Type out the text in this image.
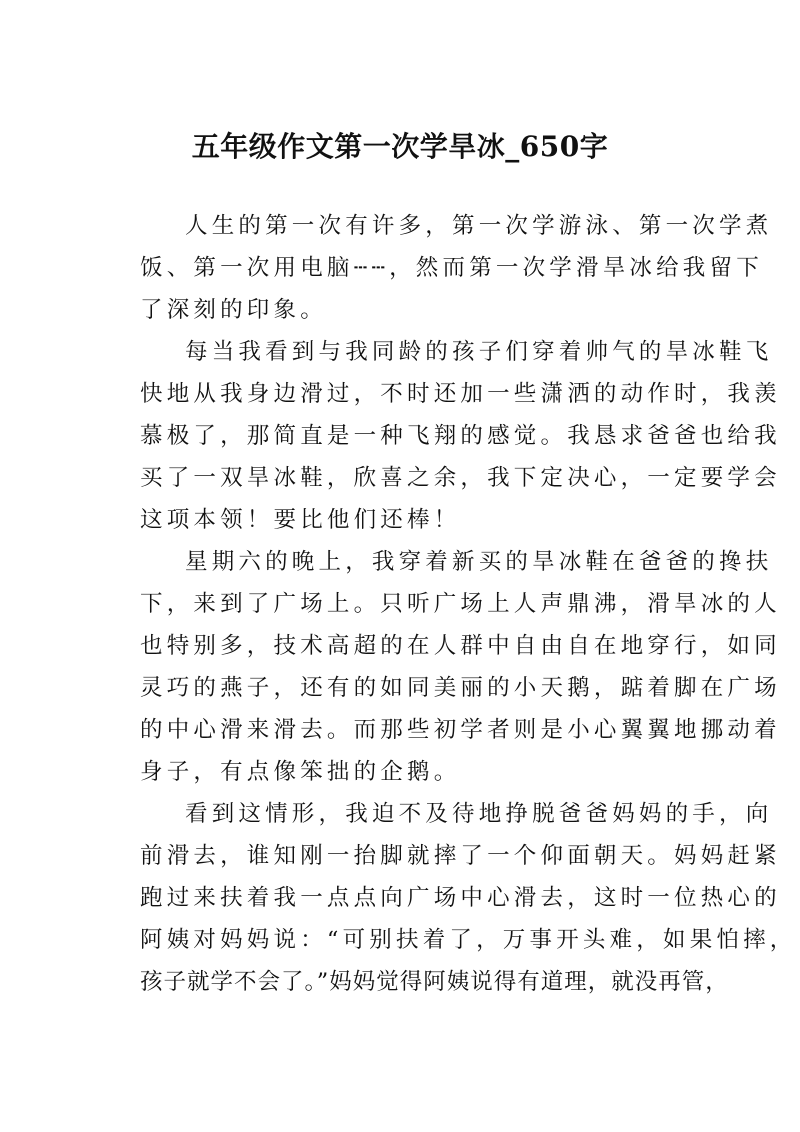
五年级作文第一次学旱冰_650字

人生的第一次有许多，第一次学游泳、第一次学煮
饭、第一次用电脑┄┄，然而第一次学滑旱冰给我留下
了深刻的印象。

每当我看到与我同龄的孩子们穿着帅气的旱冰鞋飞
快地从我身边滑过，不时还加一些潇洒的动作时，我羡
慕极了，那简直是一种飞翔的感觉。我恳求爸爸也给我
买了一双旱冰鞋，欣喜之余，我下定决心，一定要学会
这项本领！要比他们还棒！

星期六的晚上，我穿着新买的旱冰鞋在爸爸的搀扶
下，来到了广场上。只听广场上人声鼎沸，滑旱冰的人
也特别多，技术高超的在人群中自由自在地穿行，如同
灵巧的燕子，还有的如同美丽的小天鹅，踮着脚在广场
的中心滑来滑去。而那些初学者则是小心翼翼地挪动着
身子，有点像笨拙的企鹅。

看到这情形，我迫不及待地挣脱爸爸妈妈的手，向
前滑去，谁知刚一抬脚就摔了一个仰面朝天。妈妈赶紧
跑过来扶着我一点点向广场中心滑去，这时一位热心的
阿姨对妈妈说：“可别扶着了，万事开头难，如果怕摔，
孩子就学不会了。”妈妈觉得阿姨说得有道理，就没再管，
